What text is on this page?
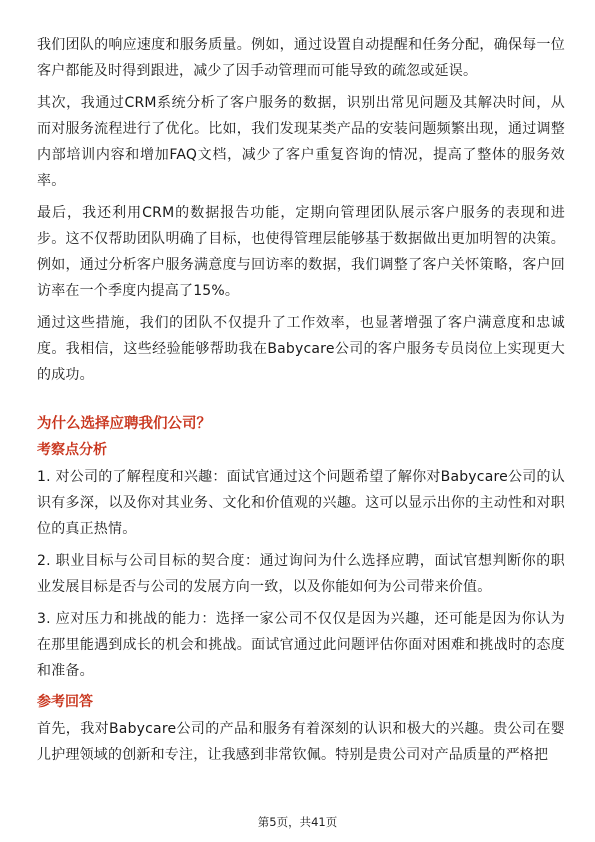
我们团队的响应速度和服务质量。例如，通过设置自动提醒和任务分配，确保每一位客户都能及时得到跟进，减少了因手动管理而可能导致的疏忽或延误。

其次，我通过CRM系统分析了客户服务的数据，识别出常见问题及其解决时间，从而对服务流程进行了优化。比如，我们发现某类产品的安装问题频繁出现，通过调整内部培训内容和增加FAQ文档，减少了客户重复咨询的情况，提高了整体的服务效率。

最后，我还利用CRM的数据报告功能，定期向管理团队展示客户服务的表现和进步。这不仅帮助团队明确了目标，也使得管理层能够基于数据做出更加明智的决策。例如，通过分析客户服务满意度与回访率的数据，我们调整了客户关怀策略，客户回访率在一个季度内提高了15%。

通过这些措施，我们的团队不仅提升了工作效率，也显著增强了客户满意度和忠诚度。我相信，这些经验能够帮助我在Babycare公司的客户服务专员岗位上实现更大的成功。

为什么选择应聘我们公司？
考察点分析

1. 对公司的了解程度和兴趣：面试官通过这个问题希望了解你对Babycare公司的认识有多深，以及你对其业务、文化和价值观的兴趣。这可以显示出你的主动性和对职位的真正热情。

2. 职业目标与公司目标的契合度：通过询问为什么选择应聘，面试官想判断你的职业发展目标是否与公司的发展方向一致，以及你能如何为公司带来价值。

3. 应对压力和挑战的能力：选择一家公司不仅仅是因为兴趣，还可能是因为你认为在那里能遇到成长的机会和挑战。面试官通过此问题评估你面对困难和挑战时的态度和准备。

参考回答

首先，我对Babycare公司的产品和服务有着深刻的认识和极大的兴趣。贵公司在婴儿护理领域的创新和专注，让我感到非常钦佩。特别是贵公司对产品质量的严格把

第5页，共41页
